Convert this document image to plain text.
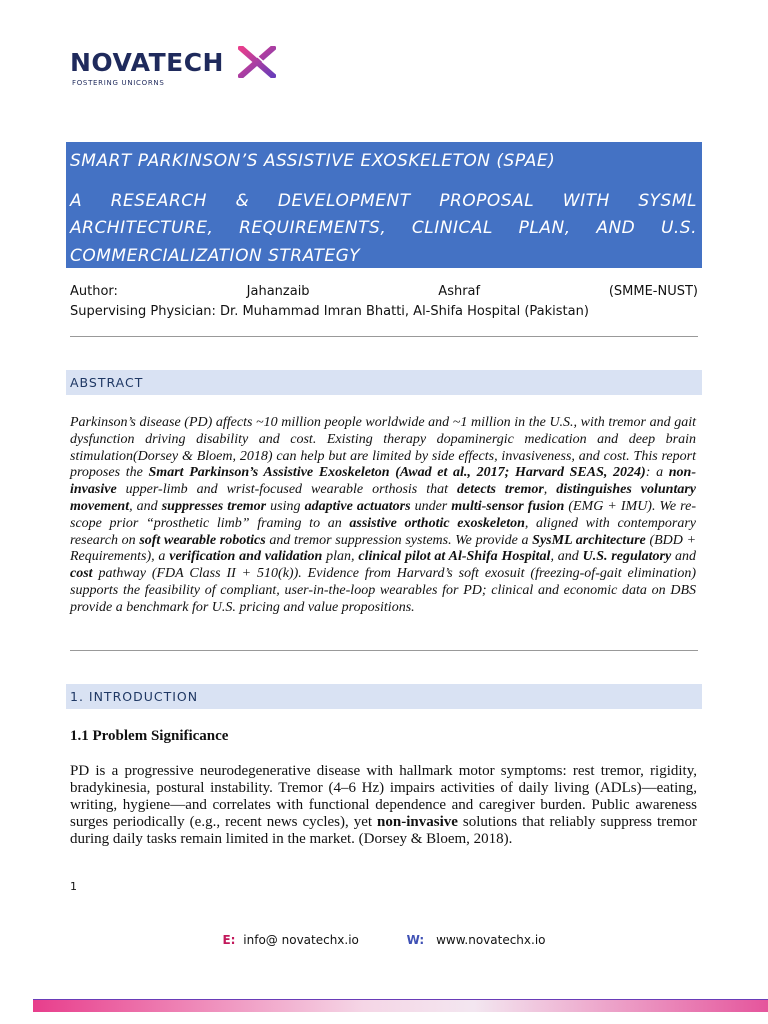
NOVATECH
FOSTERING UNICORNS
SMART PARKINSON’S ASSISTIVE EXOSKELETON (SPAE)
A RESEARCH & DEVELOPMENT PROPOSAL WITH SYSML ARCHITECTURE, REQUIREMENTS, CLINICAL PLAN, AND U.S. COMMERCIALIZATION STRATEGY
Author:	Jahanzaib	Ashraf	(SMME-NUST)
Supervising Physician: Dr. Muhammad Imran Bhatti, Al-Shifa Hospital (Pakistan)
ABSTRACT
Parkinson’s disease (PD) affects ~10 million people worldwide and ~1 million in the U.S., with tremor and gait dysfunction driving disability and cost. Existing therapy dopaminergic medication and deep brain stimulation(Dorsey & Bloem, 2018) can help but are limited by side effects, invasiveness, and cost. This report proposes the Smart Parkinson’s Assistive Exoskeleton (Awad et al., 2017; Harvard SEAS, 2024): a non-invasive upper-limb and wrist-focused wearable orthosis that detects tremor, distinguishes voluntary movement, and suppresses tremor using adaptive actuators under multi-sensor fusion (EMG + IMU). We re-scope prior “prosthetic limb” framing to an assistive orthotic exoskeleton, aligned with contemporary research on soft wearable robotics and tremor suppression systems. We provide a SysML architecture (BDD + Requirements), a verification and validation plan, clinical pilot at Al-Shifa Hospital, and U.S. regulatory and cost pathway (FDA Class II + 510(k)). Evidence from Harvard’s soft exosuit (freezing-of-gait elimination) supports the feasibility of compliant, user-in-the-loop wearables for PD; clinical and economic data on DBS provide a benchmark for U.S. pricing and value propositions.
1. INTRODUCTION
1.1 Problem Significance
PD is a progressive neurodegenerative disease with hallmark motor symptoms: rest tremor, rigidity, bradykinesia, postural instability. Tremor (4–6 Hz) impairs activities of daily living (ADLs)—eating, writing, hygiene—and correlates with functional dependence and caregiver burden. Public awareness surges periodically (e.g., recent news cycles), yet non-invasive solutions that reliably suppress tremor during daily tasks remain limited in the market. (Dorsey & Bloem, 2018).
1
E: info@ novatechx.io	W: www.novatechx.io
